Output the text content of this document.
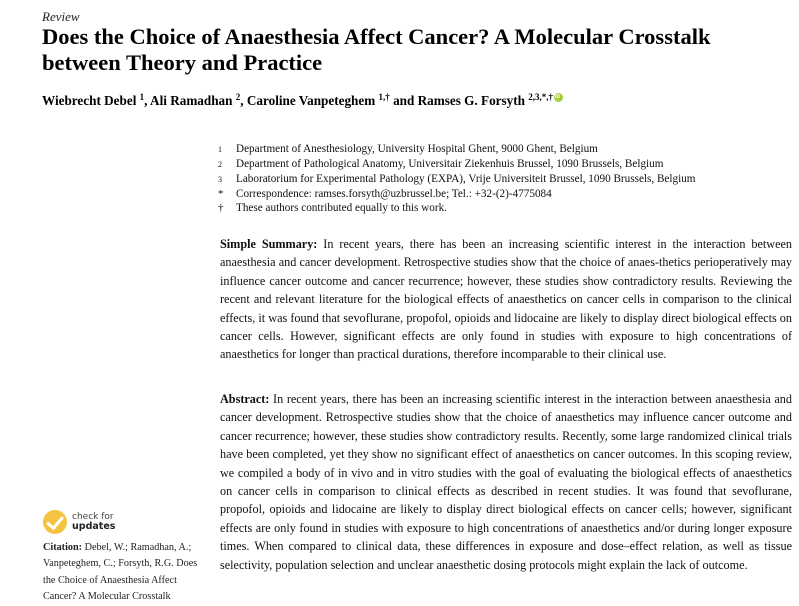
Review
Does the Choice of Anaesthesia Affect Cancer? A Molecular Crosstalk between Theory and Practice
Wiebrecht Debel $^1$, Ali Ramadhan $^2$, Caroline Vanpeteghem $^{1,\dagger}$ and Ramses G. Forsyth $^{2,3,*,\dagger}$iD
1	Department of Anesthesiology, University Hospital Ghent, 9000 Ghent, Belgium
2	Department of Pathological Anatomy, Universitair Ziekenhuis Brussel, 1090 Brussels, Belgium
3	Laboratorium for Experimental Pathology (EXPA), Vrije Universiteit Brussel, 1090 Brussels, Belgium
*	Correspondence: ramses.forsyth@uzbrussel.be; Tel.: +32-(2)-4775084
†	These authors contributed equally to this work.

Simple Summary: In recent years, there has been an increasing scientific interest in the interaction between anaesthesia and cancer development. Retrospective studies show that the choice of anaes-thetics perioperatively may influence cancer outcome and cancer recurrence; however, these studies show contradictory results. Reviewing the recent and relevant literature for the biological effects of anaesthetics on cancer cells in comparison to the clinical effects, it was found that sevoflurane, propofol, opioids and lidocaine are likely to display direct biological effects on cancer cells. However, significant effects are only found in studies with exposure to high concentrations of anaesthetics for longer than practical durations, therefore incomparable to their clinical use.

Abstract: In recent years, there has been an increasing scientific interest in the interaction between anaesthesia and cancer development. Retrospective studies show that the choice of anaesthetics may influence cancer outcome and cancer recurrence; however, these studies show contradictory results. Recently, some large randomized clinical trials have been completed, yet they show no significant effect of anaesthetics on cancer outcomes. In this scoping review, we compiled a body of in vivo and in vitro studies with the goal of evaluating the biological effects of anaesthetics on cancer cells in comparison to clinical effects as described in recent studies. It was found that sevoflurane, propofol, opioids and lidocaine are likely to display direct biological effects on cancer cells; however, significant effects are only found in studies with exposure to high concentrations of anaesthetics and/or during longer exposure times. When compared to clinical data, these differences in exposure and dose–effect relation, as well as tissue selectivity, population selection and unclear anaesthetic dosing protocols might explain the lack of outcome.

check for
updates
Citation: Debel, W.; Ramadhan, A.; Vanpeteghem, C.; Forsyth, R.G. Does the Choice of Anaesthesia Affect Cancer? A Molecular Crosstalk
